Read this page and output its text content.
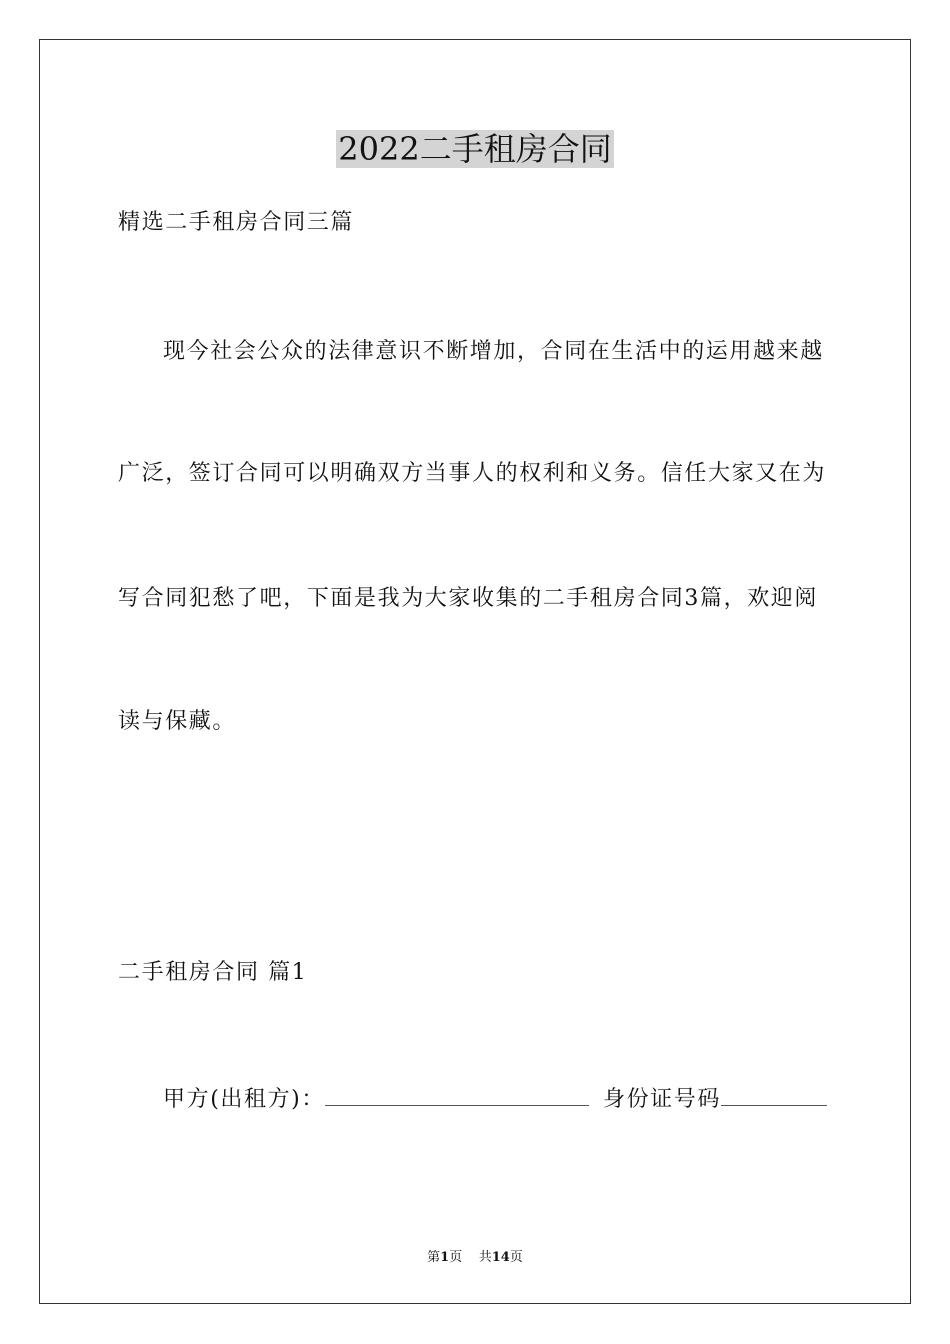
2022二手租房合同
精选二手租房合同三篇
现今社会公众的法律意识不断增加，合同在生活中的运用越来越
广泛，签订合同可以明确双方当事人的权利和义务。信任大家又在为
写合同犯愁了吧，下面是我为大家收集的二手租房合同3篇，欢迎阅
读与保藏。
二手租房合同 篇1
甲方(出租方)：	身份证号码
第1页 共14页
